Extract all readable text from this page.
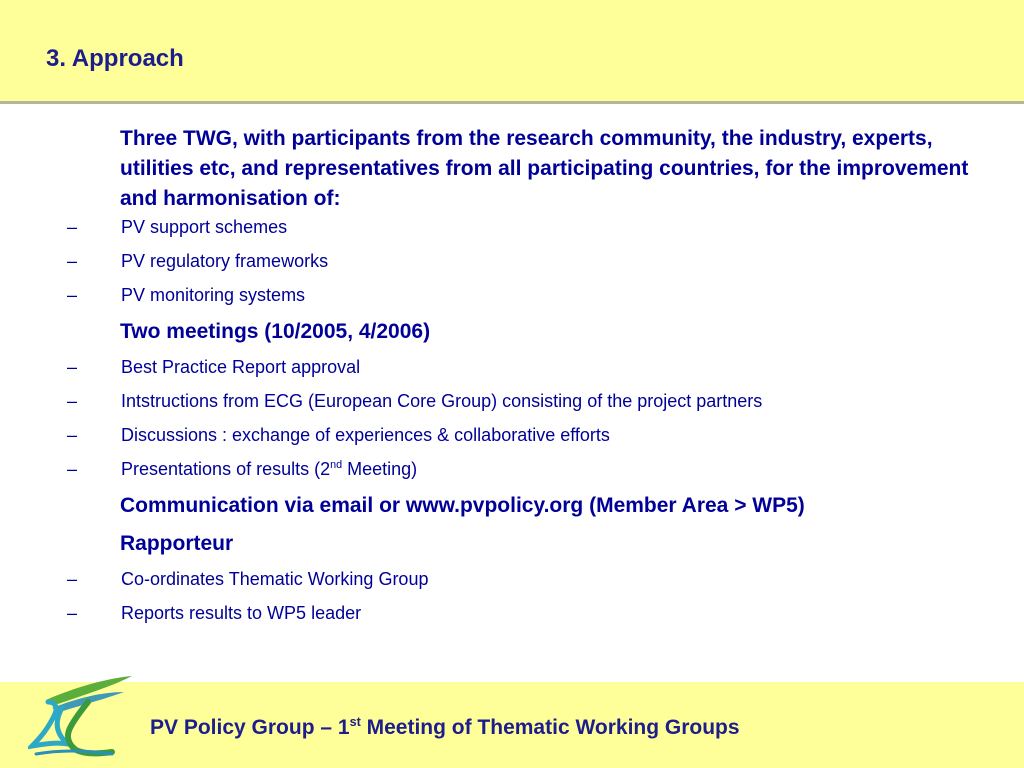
3. Approach

Three TWG, with participants from the research community, the industry, experts, utilities etc, and representatives from all participating countries, for the improvement and harmonisation of:

– PV support schemes
– PV regulatory frameworks
– PV monitoring systems

Two meetings (10/2005, 4/2006)

– Best Practice Report approval
– Intstructions from ECG (European Core Group) consisting of the project partners
– Discussions : exchange of experiences & collaborative efforts
– Presentations of results (2nd Meeting)

Communication via email or www.pvpolicy.org (Member Area > WP5)

Rapporteur

– Co-ordinates Thematic Working Group
– Reports results to WP5 leader

PV Policy Group – 1st Meeting of Thematic Working Groups
